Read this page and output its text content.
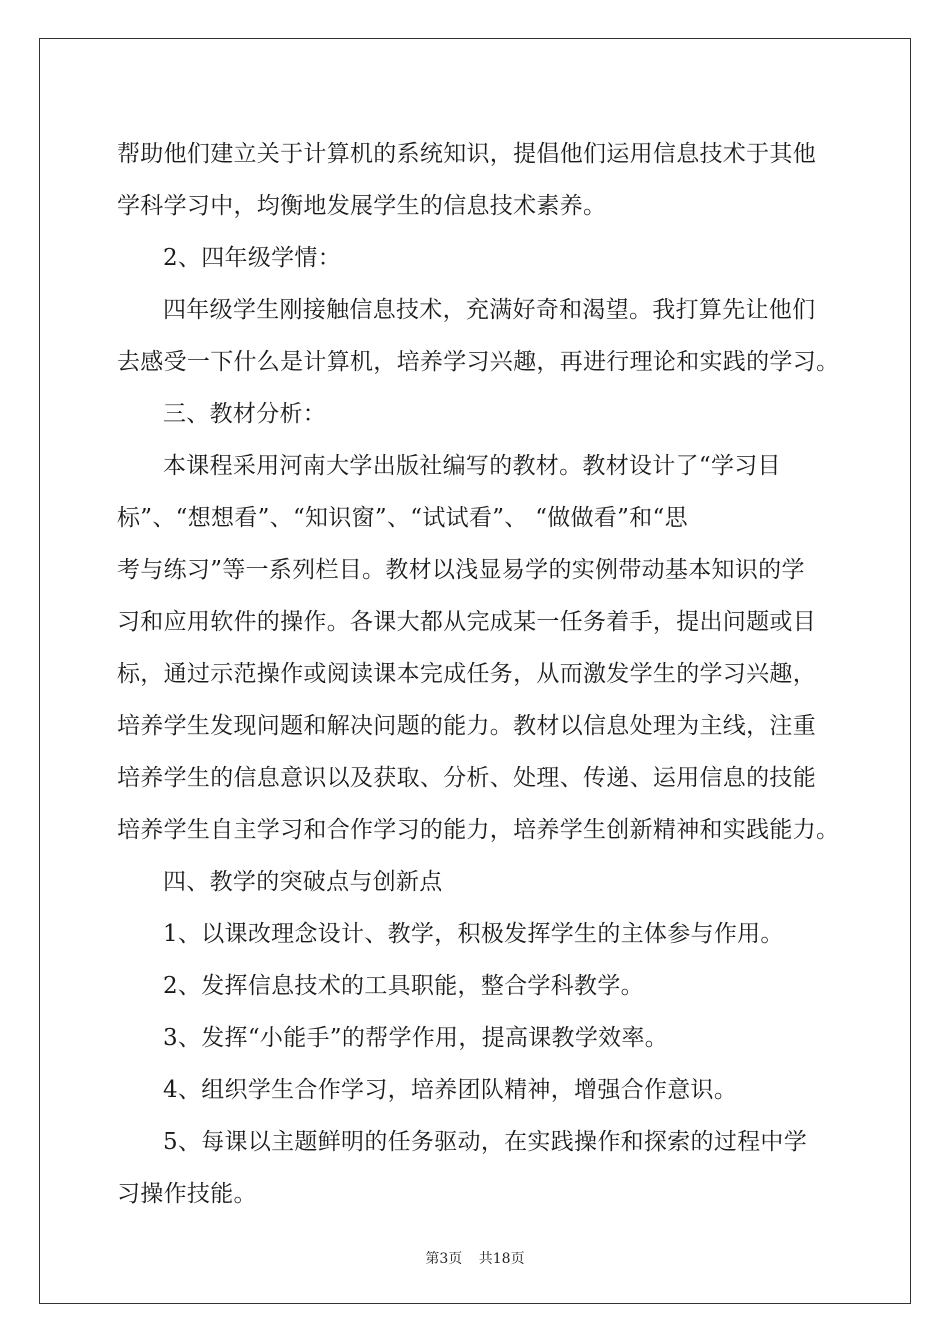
帮助他们建立关于计算机的系统知识，提倡他们运用信息技术于其他
学科学习中，均衡地发展学生的信息技术素养。
2、四年级学情：
四年级学生刚接触信息技术，充满好奇和渴望。我打算先让他们
去感受一下什么是计算机，培养学习兴趣，再进行理论和实践的学习。
三、教材分析：
本课程采用河南大学出版社编写的教材。教材设计了“学习目
标”、“想想看”、“知识窗”、“试试看”、 “做做看”和“思
考与练习”等一系列栏目。教材以浅显易学的实例带动基本知识的学
习和应用软件的操作。各课大都从完成某一任务着手，提出问题或目
标，通过示范操作或阅读课本完成任务，从而激发学生的学习兴趣，
培养学生发现问题和解决问题的能力。教材以信息处理为主线，注重
培养学生的信息意识以及获取、分析、处理、传递、运用信息的技能
培养学生自主学习和合作学习的能力，培养学生创新精神和实践能力。
四、教学的突破点与创新点
1、以课改理念设计、教学，积极发挥学生的主体参与作用。
2、发挥信息技术的工具职能，整合学科教学。
3、发挥“小能手”的帮学作用，提高课教学效率。
4、组织学生合作学习，培养团队精神，增强合作意识。
5、每课以主题鲜明的任务驱动，在实践操作和探索的过程中学
习操作技能。
第3页 共18页
